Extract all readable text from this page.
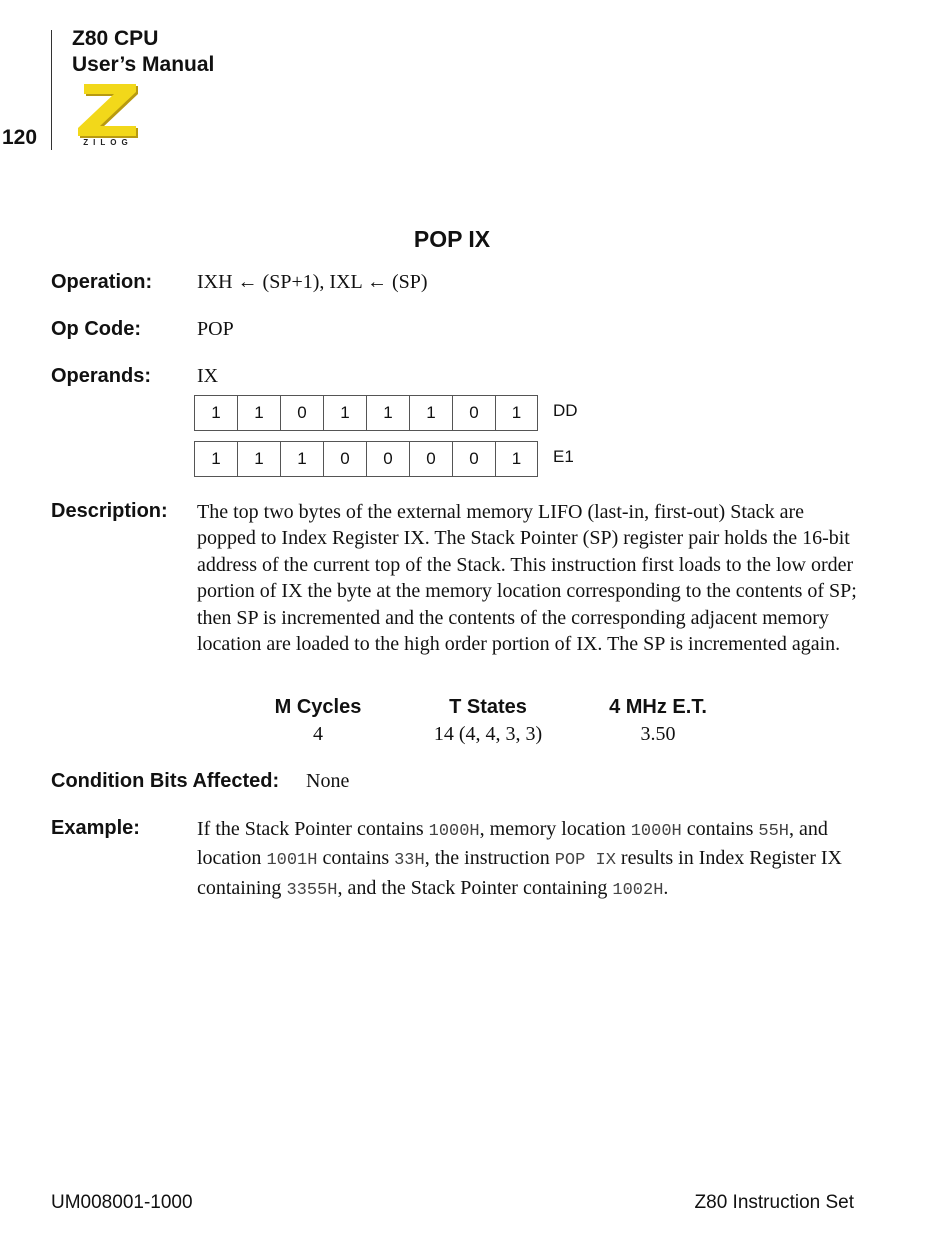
Z80 CPU
User’s Manual
120	ZILOG
POP IX
Operation: IXH ← (SP+1), IXL ← (SP)
Op Code:	POP
Operands: IX
1	1	0	1	1	1	0	1	DD
1	1	1	0	0	0	0	1	E1
Description: The top two bytes of the external memory LIFO (last-in, first-out) Stack are popped to Index Register IX. The Stack Pointer (SP) register pair holds the 16-bit address of the current top of the Stack. This instruction first loads to the low order portion of IX the byte at the memory location corresponding to the contents of SP; then SP is incremented and the contents of the corresponding adjacent memory location are loaded to the high order portion of IX. The SP is incremented again.
M Cycles	T States	4 MHz E.T.
4	14 (4, 4, 3, 3)	3.50
Condition Bits Affected: None
Example:	If the Stack Pointer contains 1000H, memory location 1000H contains 55H, and location 1001H contains 33H, the instruction POP IX results in Index Register IX containing 3355H, and the Stack Pointer containing 1002H.
UM008001-1000	Z80 Instruction Set
